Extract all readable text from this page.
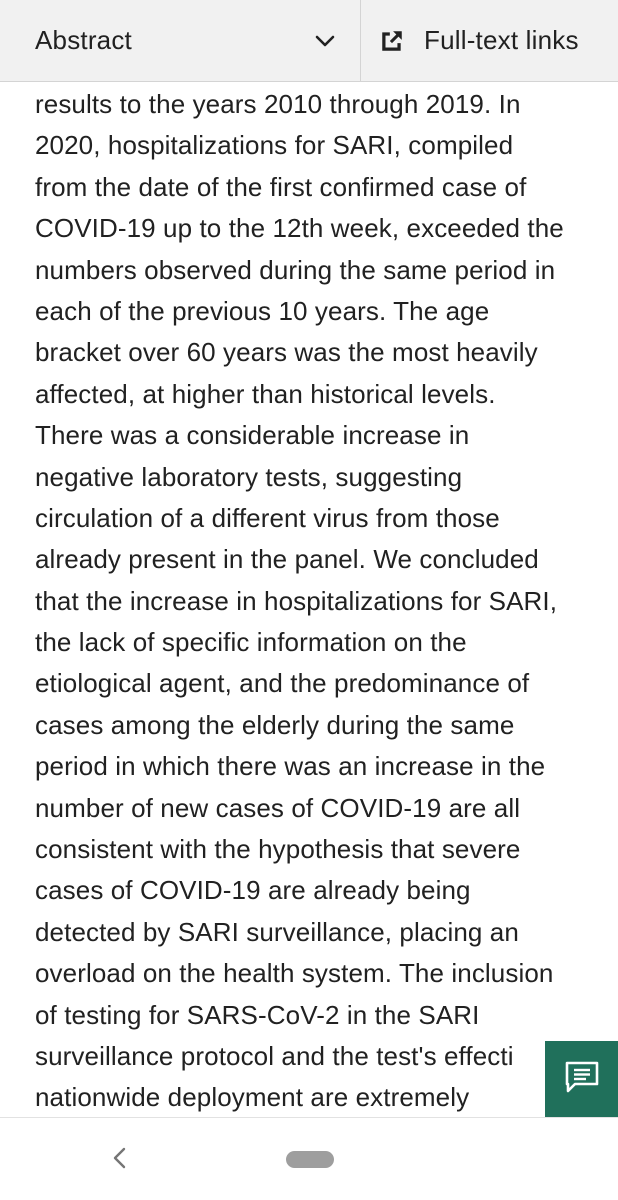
Abstract	Full-text links
results to the years 2010 through 2019. In
2020, hospitalizations for SARI, compiled
from the date of the first confirmed case of
COVID-19 up to the 12th week, exceeded the
numbers observed during the same period in
each of the previous 10 years. The age
bracket over 60 years was the most heavily
affected, at higher than historical levels.
There was a considerable increase in
negative laboratory tests, suggesting
circulation of a different virus from those
already present in the panel. We concluded
that the increase in hospitalizations for SARI,
the lack of specific information on the
etiological agent, and the predominance of
cases among the elderly during the same
period in which there was an increase in the
number of new cases of COVID-19 are all
consistent with the hypothesis that severe
cases of COVID-19 are already being
detected by SARI surveillance, placing an
overload on the health system. The inclusion
of testing for SARS-CoV-2 in the SARI
surveillance protocol and the test's effecti
nationwide deployment are extremely
